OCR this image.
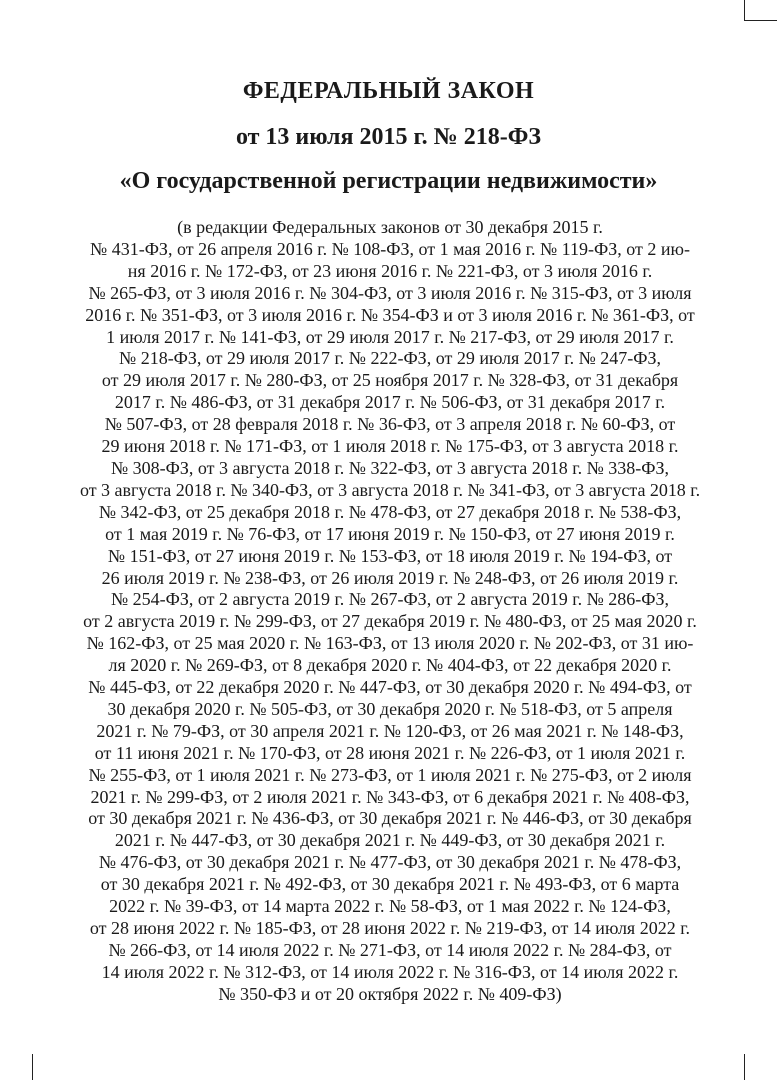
ФЕДЕРАЛЬНЫЙ ЗАКОН
от 13 июля 2015 г. № 218-ФЗ
«О государственной регистрации недвижимости»

(в редакции Федеральных законов от 30 декабря 2015 г.
№ 431-ФЗ, от 26 апреля 2016 г. № 108-ФЗ, от 1 мая 2016 г. № 119-ФЗ, от 2 ию-
ня 2016 г. № 172-ФЗ, от 23 июня 2016 г. № 221-ФЗ, от 3 июля 2016 г.
№ 265-ФЗ, от 3 июля 2016 г. № 304-ФЗ, от 3 июля 2016 г. № 315-ФЗ, от 3 июля
2016 г. № 351-ФЗ, от 3 июля 2016 г. № 354-ФЗ и от 3 июля 2016 г. № 361-ФЗ, от
1 июля 2017 г. № 141-ФЗ, от 29 июля 2017 г. № 217-ФЗ, от 29 июля 2017 г.
№ 218-ФЗ, от 29 июля 2017 г. № 222-ФЗ, от 29 июля 2017 г. № 247-ФЗ,
от 29 июля 2017 г. № 280-ФЗ, от 25 ноября 2017 г. № 328-ФЗ, от 31 декабря
2017 г. № 486-ФЗ, от 31 декабря 2017 г. № 506-ФЗ, от 31 декабря 2017 г.
№ 507-ФЗ, от 28 февраля 2018 г. № 36-ФЗ, от 3 апреля 2018 г. № 60-ФЗ, от
29 июня 2018 г. № 171-ФЗ, от 1 июля 2018 г. № 175-ФЗ, от 3 августа 2018 г.
№ 308-ФЗ, от 3 августа 2018 г. № 322-ФЗ, от 3 августа 2018 г. № 338-ФЗ,
от 3 августа 2018 г. № 340-ФЗ, от 3 августа 2018 г. № 341-ФЗ, от 3 августа 2018 г.
№ 342-ФЗ, от 25 декабря 2018 г. № 478-ФЗ, от 27 декабря 2018 г. № 538-ФЗ,
от 1 мая 2019 г. № 76-ФЗ, от 17 июня 2019 г. № 150-ФЗ, от 27 июня 2019 г.
№ 151-ФЗ, от 27 июня 2019 г. № 153-ФЗ, от 18 июля 2019 г. № 194-ФЗ, от
26 июля 2019 г. № 238-ФЗ, от 26 июля 2019 г. № 248-ФЗ, от 26 июля 2019 г.
№ 254-ФЗ, от 2 августа 2019 г. № 267-ФЗ, от 2 августа 2019 г. № 286-ФЗ,
от 2 августа 2019 г. № 299-ФЗ, от 27 декабря 2019 г. № 480-ФЗ, от 25 мая 2020 г.
№ 162-ФЗ, от 25 мая 2020 г. № 163-ФЗ, от 13 июля 2020 г. № 202-ФЗ, от 31 ию-
ля 2020 г. № 269-ФЗ, от 8 декабря 2020 г. № 404-ФЗ, от 22 декабря 2020 г.
№ 445-ФЗ, от 22 декабря 2020 г. № 447-ФЗ, от 30 декабря 2020 г. № 494-ФЗ, от
30 декабря 2020 г. № 505-ФЗ, от 30 декабря 2020 г. № 518-ФЗ, от 5 апреля
2021 г. № 79-ФЗ, от 30 апреля 2021 г. № 120-ФЗ, от 26 мая 2021 г. № 148-ФЗ,
от 11 июня 2021 г. № 170-ФЗ, от 28 июня 2021 г. № 226-ФЗ, от 1 июля 2021 г.
№ 255-ФЗ, от 1 июля 2021 г. № 273-ФЗ, от 1 июля 2021 г. № 275-ФЗ, от 2 июля
2021 г. № 299-ФЗ, от 2 июля 2021 г. № 343-ФЗ, от 6 декабря 2021 г. № 408-ФЗ,
от 30 декабря 2021 г. № 436-ФЗ, от 30 декабря 2021 г. № 446-ФЗ, от 30 декабря
2021 г. № 447-ФЗ, от 30 декабря 2021 г. № 449-ФЗ, от 30 декабря 2021 г.
№ 476-ФЗ, от 30 декабря 2021 г. № 477-ФЗ, от 30 декабря 2021 г. № 478-ФЗ,
от 30 декабря 2021 г. № 492-ФЗ, от 30 декабря 2021 г. № 493-ФЗ, от 6 марта
2022 г. № 39-ФЗ, от 14 марта 2022 г. № 58-ФЗ, от 1 мая 2022 г. № 124-ФЗ,
от 28 июня 2022 г. № 185-ФЗ, от 28 июня 2022 г. № 219-ФЗ, от 14 июля 2022 г.
№ 266-ФЗ, от 14 июля 2022 г. № 271-ФЗ, от 14 июля 2022 г. № 284-ФЗ, от
14 июля 2022 г. № 312-ФЗ, от 14 июля 2022 г. № 316-ФЗ, от 14 июля 2022 г.
№ 350-ФЗ и от 20 октября 2022 г. № 409-ФЗ)
